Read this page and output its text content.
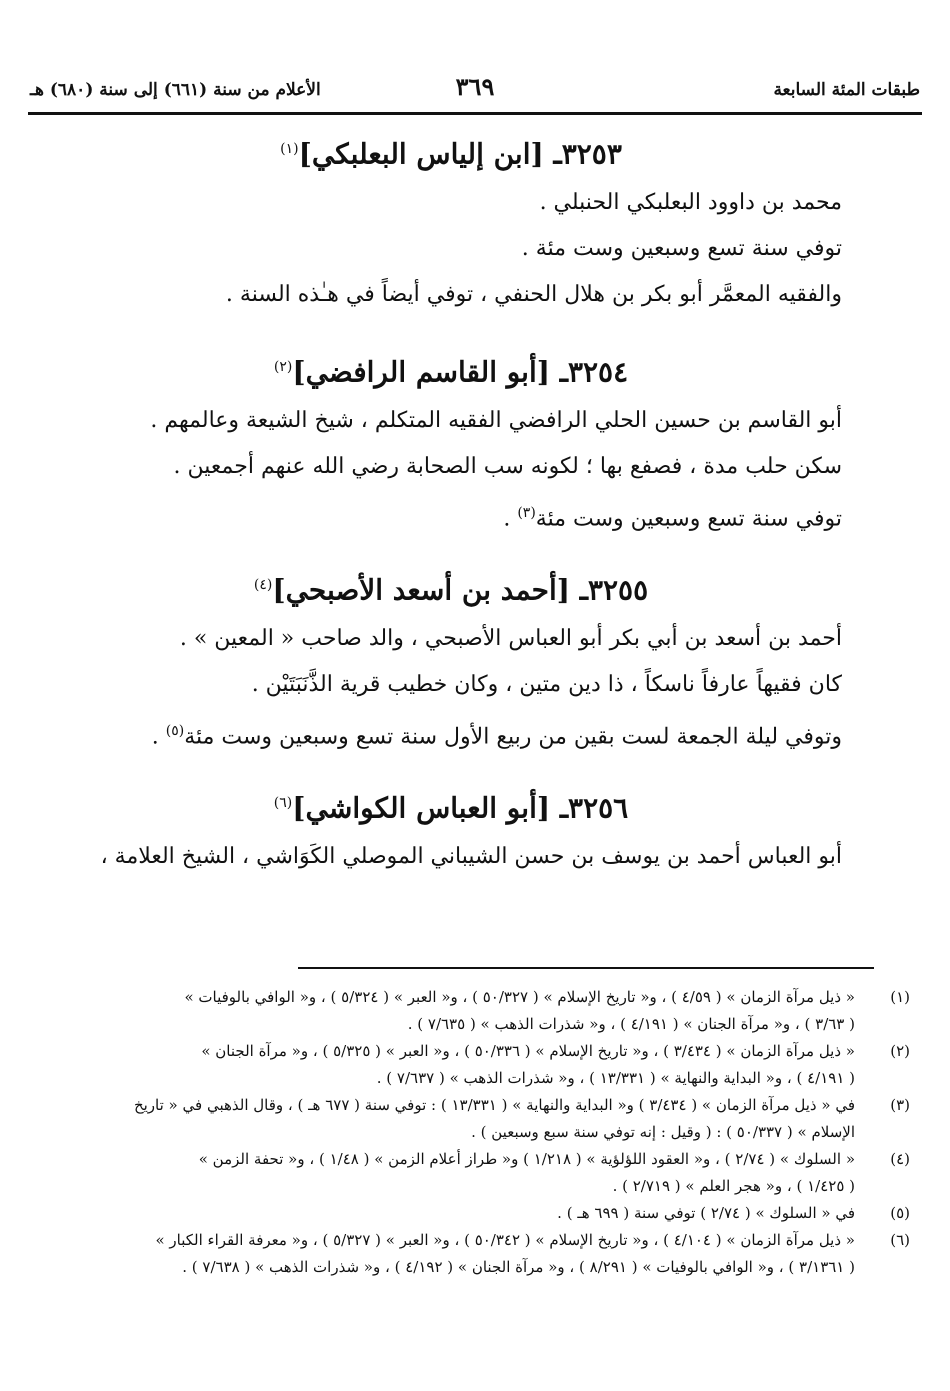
طبقات المئة السابعة
٣٦٩
الأعلام من سنة (٦٦١) إلى سنة (٦٨٠) هـ
٣٢٥٣ـ [ابن إلياس البعلبكي]$^{(١)}$
محمد بن داوود البعلبكي الحنبلي .
توفي سنة تسع وسبعين وست مئة .
والفقيه المعمَّر أبو بكر بن هلال الحنفي ، توفي أيضاً في هـٰذه السنة .
٣٢٥٤ـ [أبو القاسم الرافضي]$^{(٢)}$
أبو القاسم بن حسين الحلي الرافضي الفقيه المتكلم ، شيخ الشيعة وعالمهم .
سكن حلب مدة ، فصفع بها ؛ لكونه سب الصحابة رضي الله عنهم أجمعين .
توفي سنة تسع وسبعين وست مئة$^{(٣)}$ .
٣٢٥٥ـ [أحمد بن أسعد الأصبحي]$^{(٤)}$
أحمد بن أسعد بن أبي بكر أبو العباس الأصبحي ، والد صاحب « المعين » .
كان فقيهاً عارفاً ناسكاً ، ذا دين متين ، وكان خطيب قرية الذَّنَبَتَيْن .
وتوفي ليلة الجمعة لست بقين من ربيع الأول سنة تسع وسبعين وست مئة$^{(٥)}$ .
٣٢٥٦ـ [أبو العباس الكواشي]$^{(٦)}$
أبو العباس أحمد بن يوسف بن حسن الشيباني الموصلي الكَوَاشي ، الشيخ العلامة ،
(١)
« ذيل مرآة الزمان » ( ٤/٥٩ ) ، و« تاريخ الإسلام » ( ٥٠/٣٢٧ ) ، و« العبر » ( ٥/٣٢٤ ) ، و« الوافي بالوفيات »
( ٣/٦٣ ) ، و« مرآة الجنان » ( ٤/١٩١ ) ، و« شذرات الذهب » ( ٧/٦٣٥ ) .
(٢)
« ذيل مرآة الزمان » ( ٣/٤٣٤ ) ، و« تاريخ الإسلام » ( ٥٠/٣٣٦ ) ، و« العبر » ( ٥/٣٢٥ ) ، و« مرآة الجنان »
( ٤/١٩١ ) ، و« البداية والنهاية » ( ١٣/٣٣١ ) ، و« شذرات الذهب » ( ٧/٦٣٧ ) .
(٣)
في « ذيل مرآة الزمان » ( ٣/٤٣٤ ) و« البداية والنهاية » ( ١٣/٣٣١ ) : توفي سنة ( ٦٧٧ هـ ) ، وقال الذهبي في « تاريخ
الإسلام » ( ٥٠/٣٣٧ ) : ( وقيل : إنه توفي سنة سبع وسبعين ) .
(٤)
« السلوك » ( ٢/٧٤ ) ، و« العقود اللؤلؤية » ( ١/٢١٨ ) و« طراز أعلام الزمن » ( ١/٤٨ ) ، و« تحفة الزمن »
( ١/٤٢٥ ) ، و« هجر العلم » ( ٢/٧١٩ ) .
(٥)
في « السلوك » ( ٢/٧٤ ) توفي سنة ( ٦٩٩ هـ ) .
(٦)
« ذيل مرآة الزمان » ( ٤/١٠٤ ) ، و« تاريخ الإسلام » ( ٥٠/٣٤٢ ) ، و« العبر » ( ٥/٣٢٧ ) ، و« معرفة القراء الكبار »
( ٣/١٣٦١ ) ، و« الوافي بالوفيات » ( ٨/٢٩١ ) ، و« مرآة الجنان » ( ٤/١٩٢ ) ، و« شذرات الذهب » ( ٧/٦٣٨ ) .
